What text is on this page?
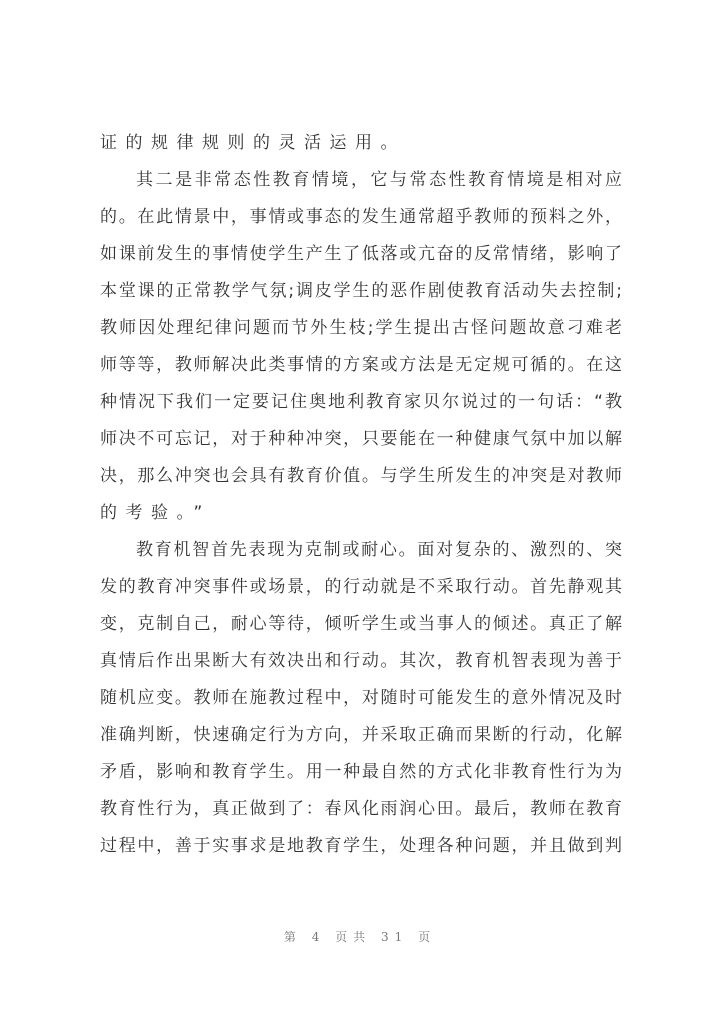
证的规律规则的灵活运用。
其二是非常态性教育情境，它与常态性教育情境是相对应
的。在此情景中，事情或事态的发生通常超乎教师的预料之外，
如课前发生的事情使学生产生了低落或亢奋的反常情绪，影响了
本堂课的正常教学气氛;调皮学生的恶作剧使教育活动失去控制;
教师因处理纪律问题而节外生枝;学生提出古怪问题故意刁难老
师等等，教师解决此类事情的方案或方法是无定规可循的。在这
种情况下我们一定要记住奥地利教育家贝尔说过的一句话：“教
师决不可忘记，对于种种冲突，只要能在一种健康气氛中加以解
决，那么冲突也会具有教育价值。与学生所发生的冲突是对教师
的考验。”
教育机智首先表现为克制或耐心。面对复杂的、激烈的、突
发的教育冲突事件或场景，的行动就是不采取行动。首先静观其
变，克制自己，耐心等待，倾听学生或当事人的倾述。真正了解
真情后作出果断大有效决出和行动。其次，教育机智表现为善于
随机应变。教师在施教过程中，对随时可能发生的意外情况及时
准确判断，快速确定行为方向，并采取正确而果断的行动，化解
矛盾，影响和教育学生。用一种最自然的方式化非教育性行为为
教育性行为，真正做到了：春风化雨润心田。最后，教师在教育
过程中，善于实事求是地教育学生，处理各种问题，并且做到判
第 4 页共 31 页
